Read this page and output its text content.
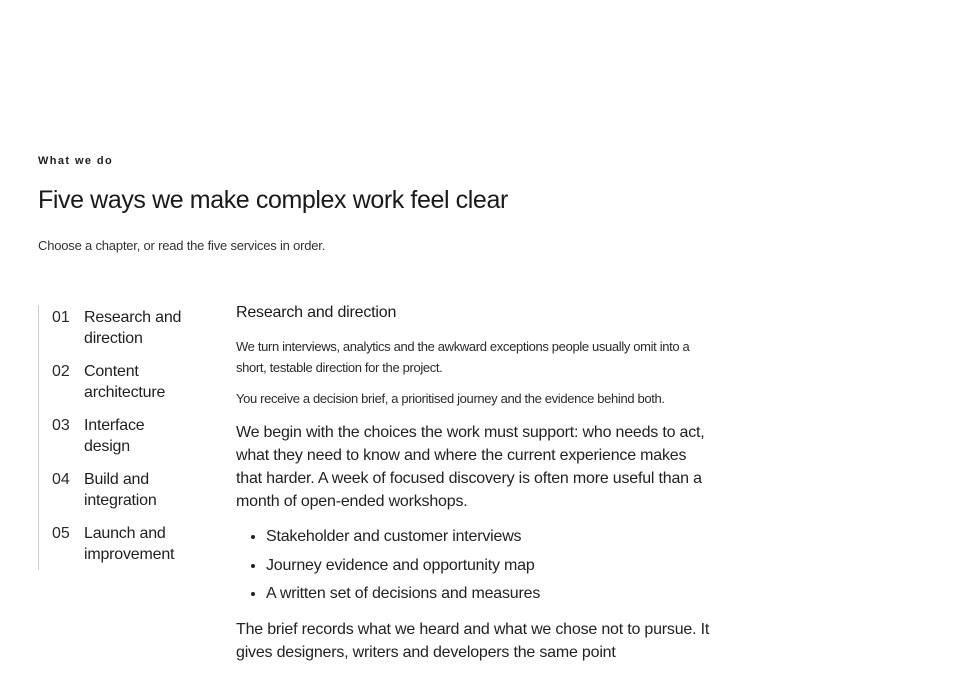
What we do
Five ways we make complex work feel clear

Choose a chapter, or read the five services in order.

01 Research and
direction
02 Content
architecture
03 Interface
design
04 Build and
integration
05 Launch and
improvement
Research and direction

We turn interviews, analytics and the awkward exceptions people usually omit into a short, testable direction for the project.

You receive a decision brief, a prioritised journey and the evidence behind both.

We begin with the choices the work must support: who needs to act, what they need to know and where the current experience makes that harder. A week of focused discovery is often more useful than a month of open-ended workshops.

• Stakeholder and customer interviews
• Journey evidence and opportunity map
• A written set of decisions and measures

The brief records what we heard and what we chose not to pursue. It gives designers, writers and developers the same point
